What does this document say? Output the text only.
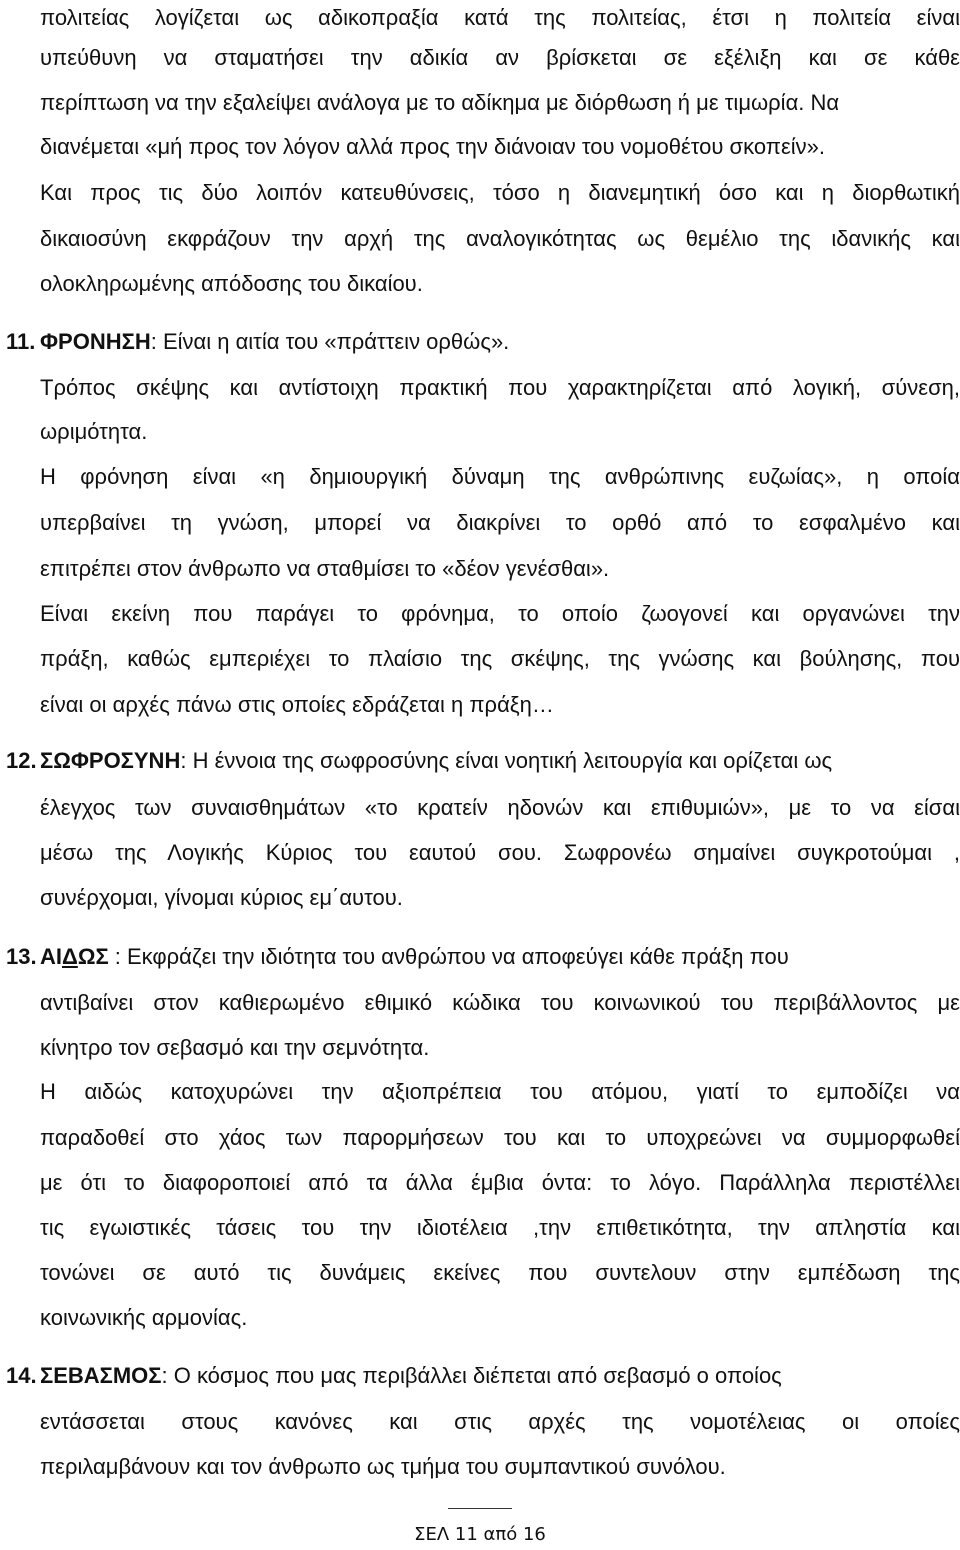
πολιτείας λογίζεται ως αδικοπραξία κατά της πολιτείας, έτσι η πολιτεία είναι
υπεύθυνη να σταματήσει την αδικία αν βρίσκεται σε εξέλιξη και σε κάθε
περίπτωση να την εξαλείψει ανάλογα με το αδίκημα με διόρθωση ή με τιμωρία. Να
διανέμεται «μή προς τον λόγον αλλά προς την διάνοιαν του νομοθέτου σκοπείν».
Και προς τις δύο λοιπόν κατευθύνσεις, τόσο η διανεμητική όσο και η διορθωτική
δικαιοσύνη εκφράζουν την αρχή της αναλογικότητας ως θεμέλιο της ιδανικής και
ολοκληρωμένης απόδοσης του δικαίου.
11. ΦΡΟΝΗΣΗ: Είναι η αιτία του «πράττειν ορθώς».
Τρόπος σκέψης και αντίστοιχη πρακτική που χαρακτηρίζεται από λογική, σύνεση,
ωριμότητα.
Η φρόνηση είναι «η δημιουργική δύναμη της ανθρώπινης ευζωίας», η οποία
υπερβαίνει τη γνώση, μπορεί να διακρίνει το ορθό από το εσφαλμένο και
επιτρέπει στον άνθρωπο να σταθμίσει το «δέον γενέσθαι».
Είναι εκείνη που παράγει το φρόνημα, το οποίο ζωογονεί και οργανώνει την
πράξη, καθώς εμπεριέχει το πλαίσιο της σκέψης, της γνώσης και βούλησης, που
είναι οι αρχές πάνω στις οποίες εδράζεται η πράξη…
12. ΣΩΦΡΟΣΥΝΗ: Η έννοια της σωφροσύνης είναι νοητική λειτουργία και ορίζεται ως
έλεγχος των συναισθημάτων «το κρατείν ηδονών και επιθυμιών», με το να είσαι
μέσω της Λογικής Κύριος του εαυτού σου. Σωφρονέω σημαίνει συγκροτούμαι ,
συνέρχομαι, γίνομαι κύριος εμ΄αυτου.
13. ΑΙΔΩΣ : Εκφράζει την ιδιότητα του ανθρώπου να αποφεύγει κάθε πράξη που
αντιβαίνει στον καθιερωμένο εθιμικό κώδικα του κοινωνικού του περιβάλλοντος με
κίνητρο τον σεβασμό και την σεμνότητα.
Η αιδώς κατοχυρώνει την αξιοπρέπεια του ατόμου, γιατί το εμποδίζει να
παραδοθεί στο χάος των παρορμήσεων του και το υποχρεώνει να συμμορφωθεί
με ότι το διαφοροποιεί από τα άλλα έμβια όντα: το λόγο. Παράλληλα περιστέλλει
τις εγωιστικές τάσεις του την ιδιοτέλεια ,την επιθετικότητα, την απληστία και
τονώνει σε αυτό τις δυνάμεις εκείνες που συντελουν στην εμπέδωση της
κοινωνικής αρμονίας.
14. ΣΕΒΑΣΜΟΣ: Ο κόσμος που μας περιβάλλει διέπεται από σεβασμό ο οποίος
εντάσσεται στους κανόνες και στις αρχές της νομοτέλειας οι οποίες
περιλαμβάνουν και τον άνθρωπο ως τμήμα του συμπαντικού συνόλου.
ΣΕΛ 11 από 16
